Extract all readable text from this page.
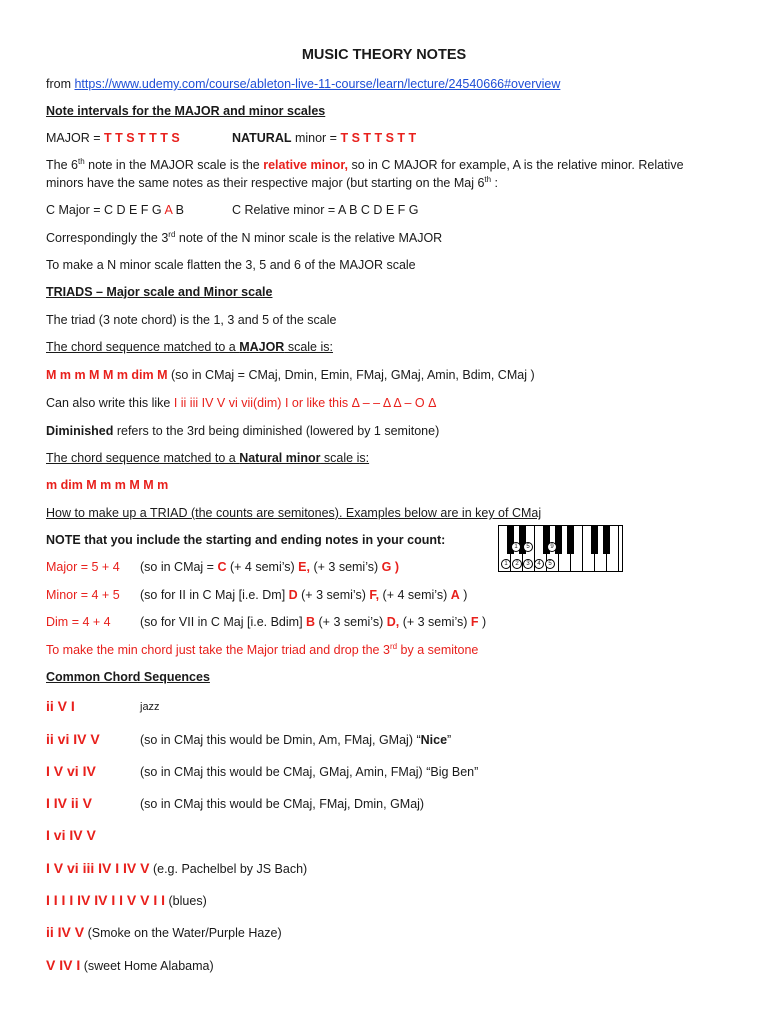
MUSIC THEORY NOTES
from https://www.udemy.com/course/ableton-live-11-course/learn/lecture/24540666#overview
Note intervals for the MAJOR and minor scales
MAJOR = T T S T T T S	NATURAL minor = T S T T S T T
The 6th note in the MAJOR scale is the relative minor, so in C MAJOR for example, A is the relative minor. Relative
minors have the same notes as their respective major (but starting on the Maj 6th :
C Major = C D E F G A B	C Relative minor = A B C D E F G
Correspondingly the 3rd note of the N minor scale is the relative MAJOR
To make a N minor scale flatten the 3, 5 and 6 of the MAJOR scale
TRIADS – Major scale and Minor scale
The triad (3 note chord) is the 1, 3 and 5 of the scale
The chord sequence matched to a MAJOR scale is:
M m m M M m dim M (so in CMaj = CMaj, Dmin, Emin, FMaj, GMaj, Amin, Bdim, CMaj )
Can also write this like I ii iii IV V vi vii(dim) I or like this Δ – – Δ Δ – O Δ
Diminished refers to the 3rd being diminished (lowered by 1 semitone)
The chord sequence matched to a Natural minor scale is:
m dim M m m M M m
How to make up a TRIAD (the counts are semitones). Examples below are in key of CMaj
NOTE that you include the starting and ending notes in your count:	1	5	9
1	2	3	4	5
Major = 5 + 4 (so in CMaj = C (+ 4 semi’s) E, (+ 3 semi’s) G )
Minor = 4 + 5 (so for II in C Maj [i.e. Dm] D (+ 3 semi’s) F, (+ 4 semi’s) A )
Dim = 4 + 4 (so for VII in C Maj [i.e. Bdim] B (+ 3 semi’s) D, (+ 3 semi’s) F )
To make the min chord just take the Major triad and drop the 3rd by a semitone
Common Chord Sequences
ii V I	jazz
ii vi IV V	(so in CMaj this would be Dmin, Am, FMaj, GMaj) “Nice”
I V vi IV	(so in CMaj this would be CMaj, GMaj, Amin, FMaj) “Big Ben”
I IV ii V	(so in CMaj this would be CMaj, FMaj, Dmin, GMaj)
I vi IV V
I V vi iii IV I IV V (e.g. Pachelbel by JS Bach)
I I I I IV IV I I V V I I (blues)
ii IV V (Smoke on the Water/Purple Haze)
V IV I (sweet Home Alabama)
